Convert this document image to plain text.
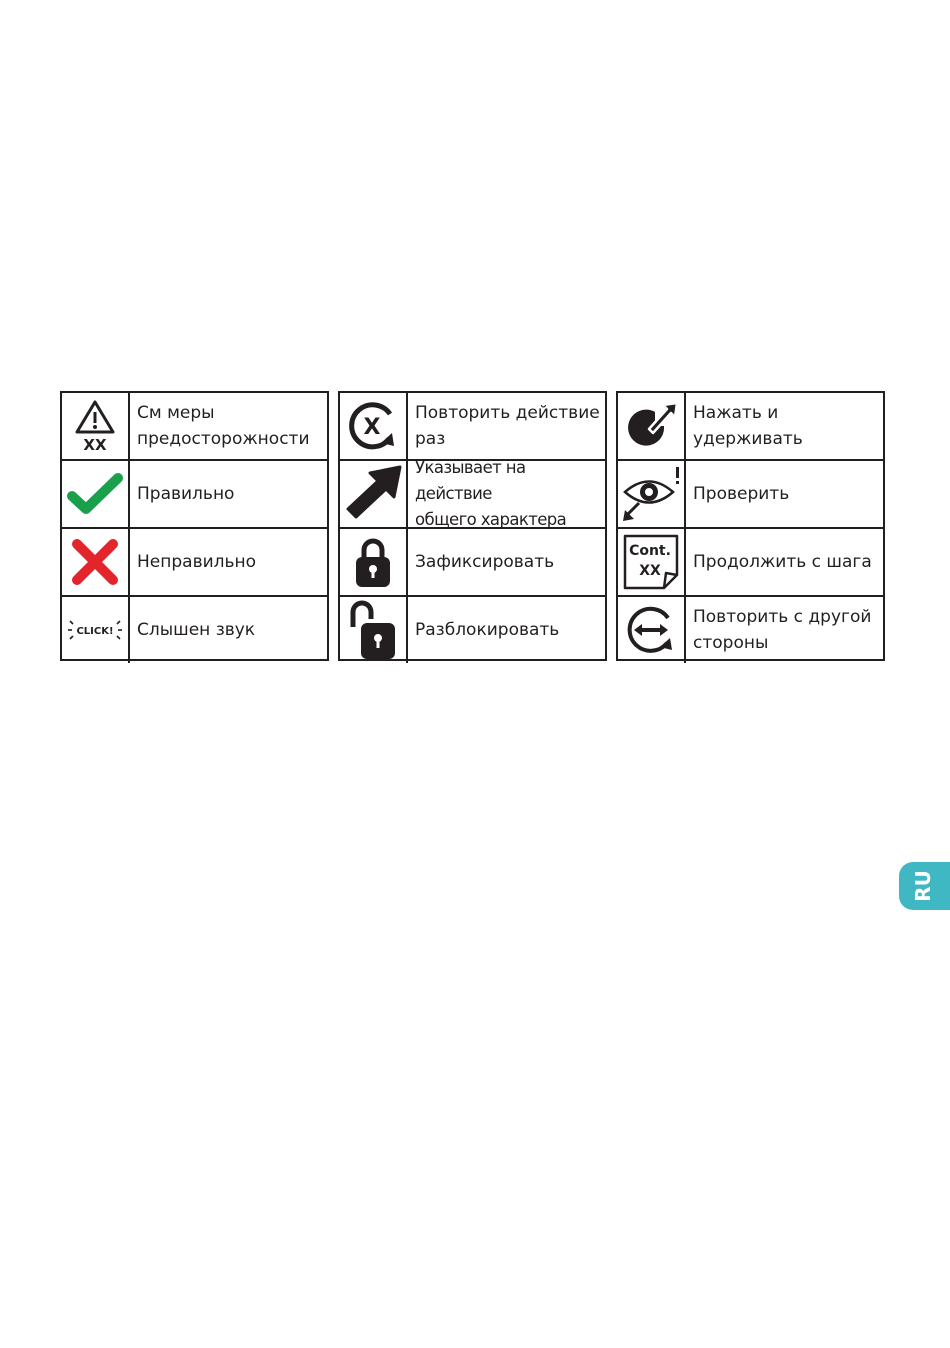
XX
См меры
предосторожности
Правильно
Неправильно
CLICK!	Слышен звук
X
Повторить действие
раз
Указывает на действие
общего характера
Зафиксировать
Разблокировать
Нажать и удерживать
Проверить
Cont.
XX	Продолжить с шага
Повторить с другой
стороны
RU
